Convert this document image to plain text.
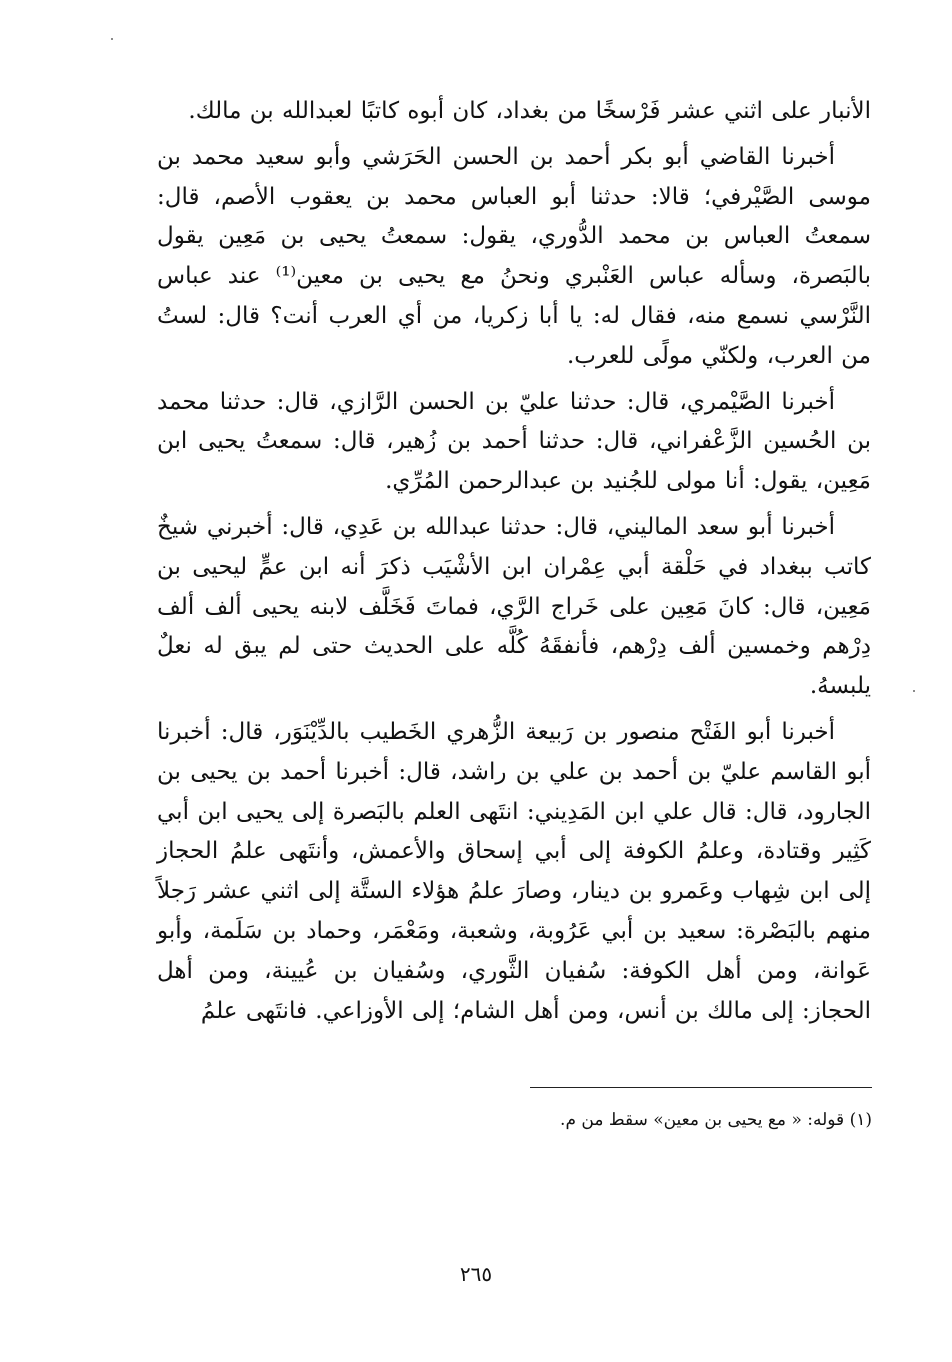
الأنبار على اثني عشر فَرْسخًا من بغداد، كان أبوه كاتبًا لعبدالله بن مالك.

أخبرنا القاضي أبو بكر أحمد بن الحسن الحَرَشي وأبو سعيد محمد بن موسى الصَّيْرفي؛ قالا: حدثنا أبو العباس محمد بن يعقوب الأصم، قال: سمعتُ العباس بن محمد الدُّوري، يقول: سمعتُ يحيى بن مَعِين يقول بالبَصرة، وسأله عباس العَنْبري ونحنُ مع يحيى بن معين⁽¹⁾ عند عباس النَّرْسي نسمع منه، فقال له: يا أبا زكريا، من أي العرب أنت؟ قال: لستُ من العرب، ولكنّي مولًى للعرب.

أخبرنا الصَّيْمري، قال: حدثنا عليّ بن الحسن الرَّازي، قال: حدثنا محمد بن الحُسين الزَّعْفراني، قال: حدثنا أحمد بن زُهير، قال: سمعتُ يحيى ابن مَعِين، يقول: أنا مولى للجُنيد بن عبدالرحمن المُرِّي.

أخبرنا أبو سعد الماليني، قال: حدثنا عبدالله بن عَدِي، قال: أخبرني شيخٌ كاتب ببغداد في حَلْقة أبي عِمْران ابن الأشْيَب ذكرَ أنه ابن عمٍّ ليحيى بن مَعِين، قال: كانَ مَعِين على خَراج الرَّي، فماتَ فَخَلَّف لابنه يحيى ألف ألف دِرْهم وخمسين ألف دِرْهم، فأنفقَهُ كُلَّه على الحديث حتى لم يبق له نعلٌ يلبسهُ.

أخبرنا أبو الفَتْح منصور بن رَبيعة الزُّهري الخَطيب بالدِّيْنَوَر، قال: أخبرنا أبو القاسم عليّ بن أحمد بن علي بن راشد، قال: أخبرنا أحمد بن يحيى بن الجارود، قال: قال علي ابن المَدِيني: انتَهى العلم بالبَصرة إلى يحيى ابن أبي كَثِير وقتادة، وعلمُ الكوفة إلى أبي إسحاق والأعمش، وأنتَهى علمُ الحجاز إلى ابن شِهاب وعَمرو بن دينار، وصارَ علمُ هؤلاء الستَّة إلى اثني عشر رَجلاً منهم بالبَصْرة: سعيد بن أبي عَرُوبة، وشعبة، ومَعْمَر، وحماد بن سَلَمة، وأبو عَوانة، ومن أهل الكوفة: سُفيان الثَّوري، وسُفيان بن عُيينة، ومن أهل الحجاز: إلى مالك بن أنس، ومن أهل الشام؛ إلى الأوزاعي. فانتَهى علمُ

(١) قوله: « مع يحيى بن معين» سقط من م.
٢٦٥
